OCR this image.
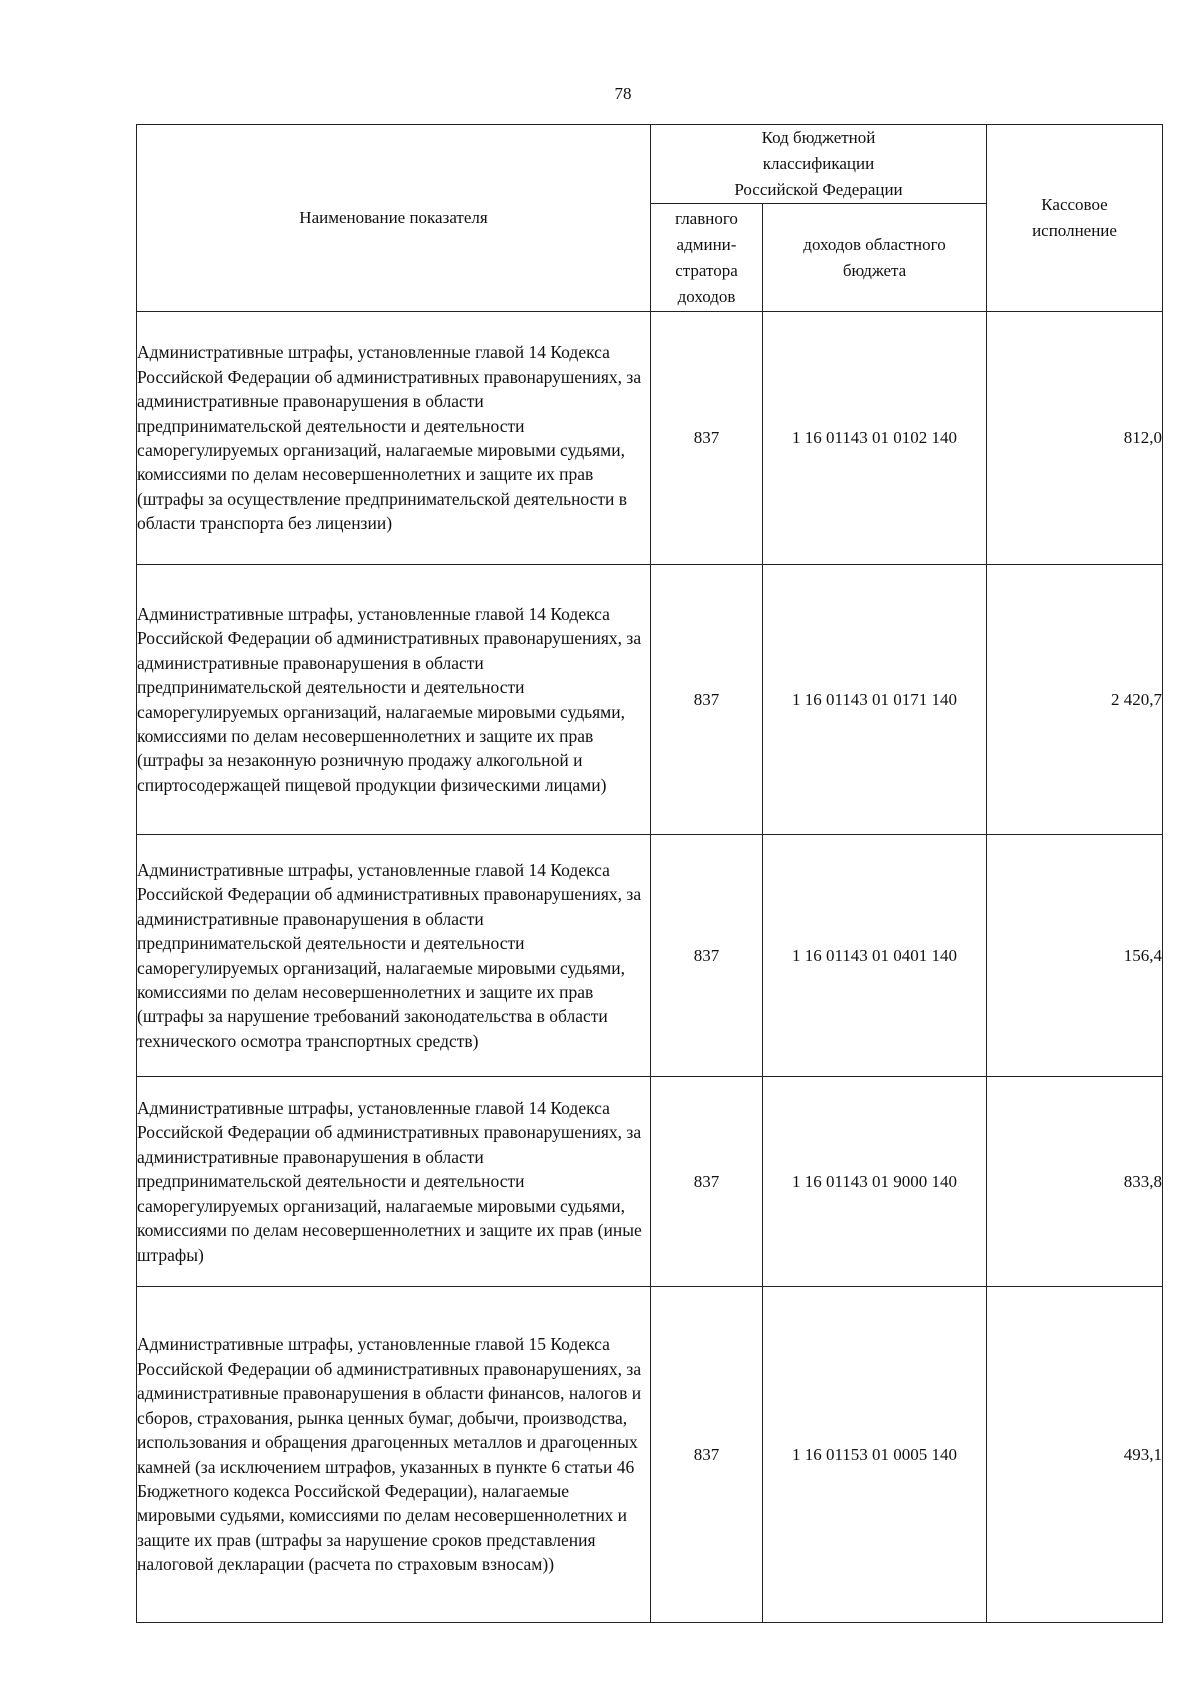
78
Наименование показателя	Код бюджетной классификации Российской Федерации		Кассовое исполнение
	главного админи-стратора доходов	доходов областного бюджета	
Административные штрафы, установленные главой 14 Кодекса Российской Федерации об административных правонарушениях, за административные правонарушения в области предпринимательской деятельности и деятельности саморегулируемых организаций, налагаемые мировыми судьями, комиссиями по делам несовершеннолетних и защите их прав (штрафы за осуществление предпринимательской деятельности в области транспорта без лицензии)	837	1 16 01143 01 0102 140	812,0
Административные штрафы, установленные главой 14 Кодекса Российской Федерации об административных правонарушениях, за административные правонарушения в области предпринимательской деятельности и деятельности саморегулируемых организаций, налагаемые мировыми судьями, комиссиями по делам несовершеннолетних и защите их прав (штрафы за незаконную розничную продажу алкогольной и спиртосодержащей пищевой продукции физическими лицами)	837	1 16 01143 01 0171 140	2 420,7
Административные штрафы, установленные главой 14 Кодекса Российской Федерации об административных правонарушениях, за административные правонарушения в области предпринимательской деятельности и деятельности саморегулируемых организаций, налагаемые мировыми судьями, комиссиями по делам несовершеннолетних и защите их прав (штрафы за нарушение требований законодательства в области технического осмотра транспортных средств)	837	1 16 01143 01 0401 140	156,4
Административные штрафы, установленные главой 14 Кодекса Российской Федерации об административных правонарушениях, за административные правонарушения в области предпринимательской деятельности и деятельности саморегулируемых организаций, налагаемые мировыми судьями, комиссиями по делам несовершеннолетних и защите их прав (иные штрафы)	837	1 16 01143 01 9000 140	833,8
Административные штрафы, установленные главой 15 Кодекса Российской Федерации об административных правонарушениях, за административные правонарушения в области финансов, налогов и сборов, страхования, рынка ценных бумаг, добычи, производства, использования и обращения драгоценных металлов и драгоценных камней (за исключением штрафов, указанных в пункте 6 статьи 46 Бюджетного кодекса Российской Федерации), налагаемые мировыми судьями, комиссиями по делам несовершеннолетних и защите их прав (штрафы за нарушение сроков представления налоговой декларации (расчета по страховым взносам))	837	1 16 01153 01 0005 140	493,1
